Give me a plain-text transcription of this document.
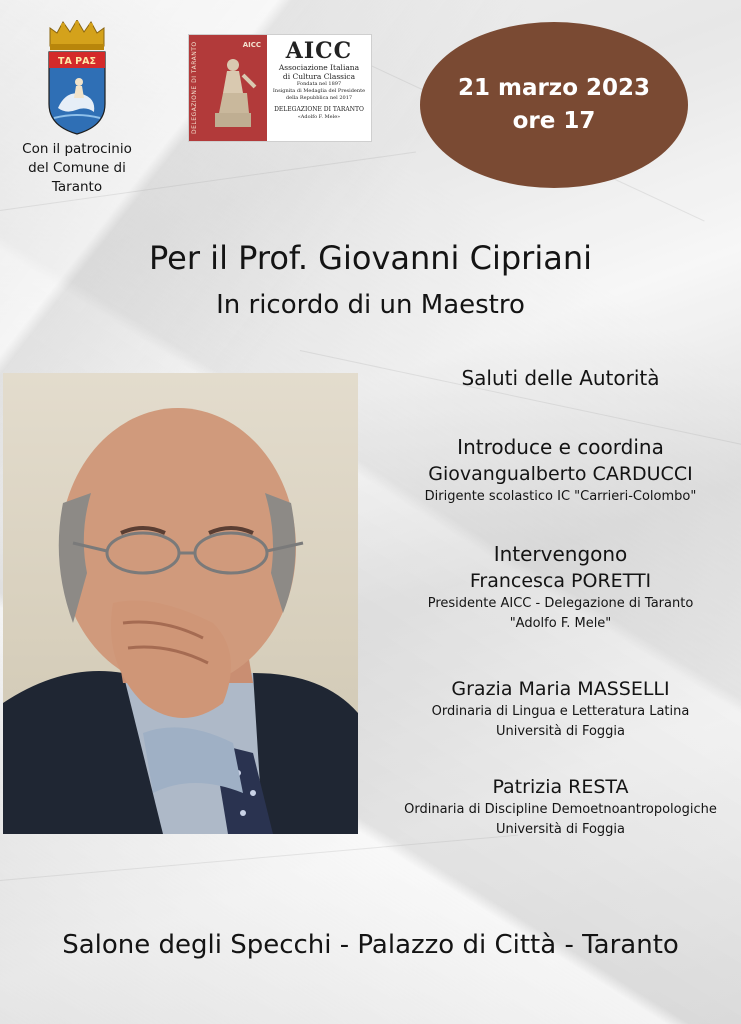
ΤΑ ΡΑΣ
Con il patrocinio
del Comune di
Taranto
DELEGAZIONE DI TARANTO	AICC	AICC
Associazione Italiana
di Cultura Classica
Fondata nel 1897
Insignita di Medaglia del Presidente della Repubblica nel 2017
DELEGAZIONE DI TARANTO
«Adolfo F. Mele»
21 marzo 2023
ore 17
Per il Prof. Giovanni Cipriani
In ricordo di un Maestro
Saluti delle Autorità
Introduce e coordina
Giovangualberto CARDUCCI
Dirigente scolastico IC "Carrieri-Colombo"
Intervengono
Francesca PORETTI
Presidente AICC - Delegazione di Taranto
"Adolfo F. Mele"
Grazia Maria MASSELLI
Ordinaria di Lingua e Letteratura Latina
Università di Foggia
Patrizia RESTA
Ordinaria di Discipline Demoetnoantropologiche
Università di Foggia
Salone degli Specchi - Palazzo di Città - Taranto
